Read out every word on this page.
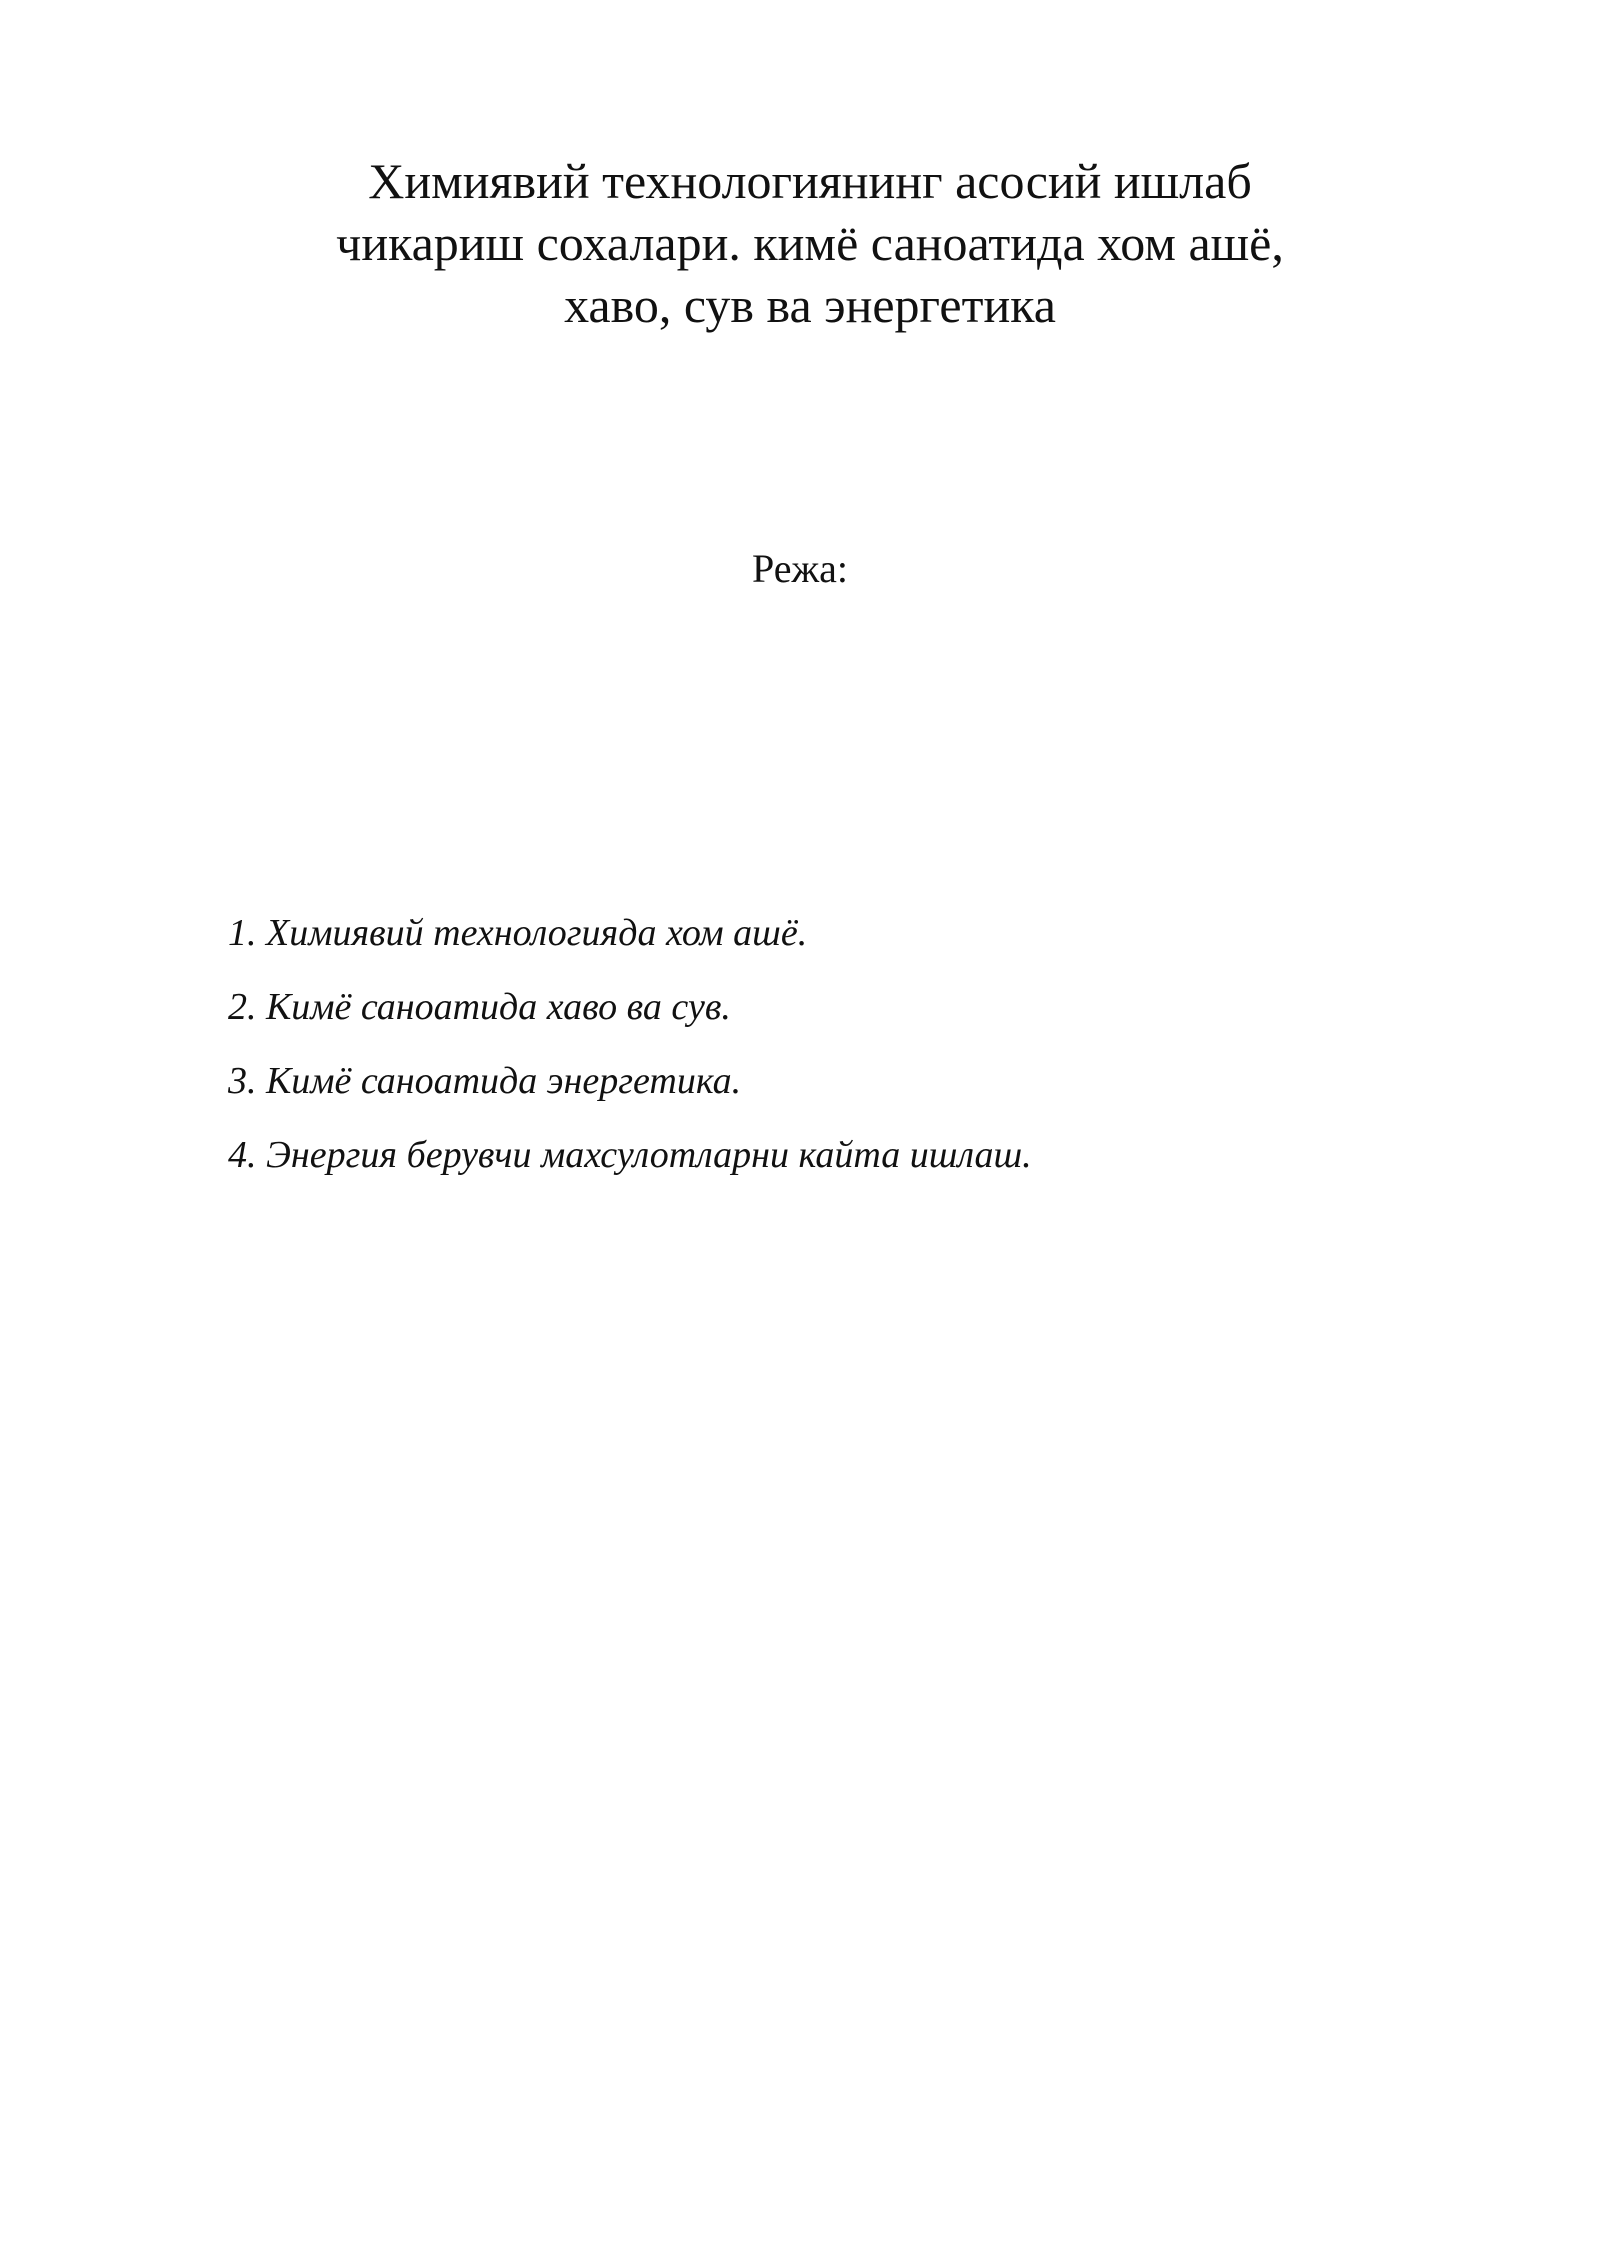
Химиявий технологиянинг асосий ишлаб
чикариш сохалари. кимё саноатида хом ашё,
хаво, сув ва энергетика
Режа:
1. Химиявий технологияда хом ашё.
2. Кимё саноатида хаво ва сув.
3. Кимё саноатида энергетика.
4. Энергия берувчи махсулотларни кайта ишлаш.
